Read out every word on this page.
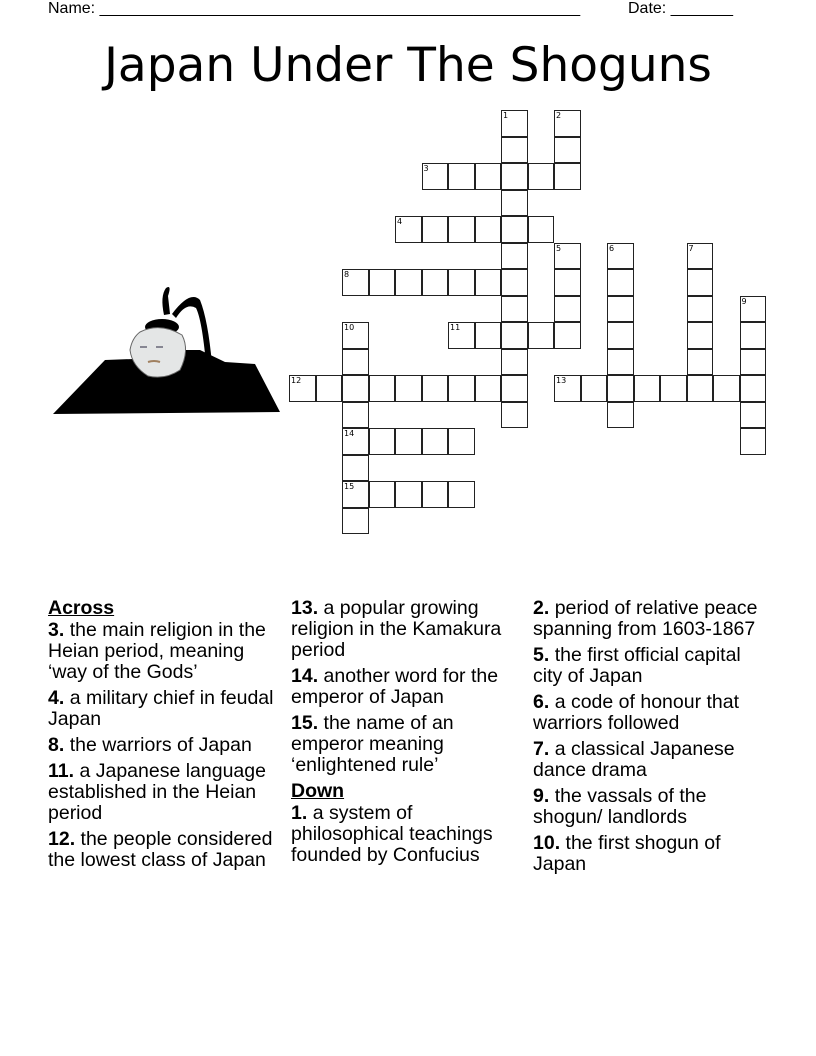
Name: ______________________________________________________	Date: _______
Japan Under The Shoguns
3
4
8
11
12	13
14
15
1	2
5	6	7
9
10
Across
3. the main religion in the Heian period, meaning ‘way of the Gods’
4. a military chief in feudal Japan
8. the warriors of Japan
11. a Japanese language established in the Heian period
12. the people considered the lowest class of Japan
13. a popular growing religion in the Kamakura period
14. another word for the emperor of Japan
15. the name of an emperor meaning ‘enlightened rule’
Down
1. a system of philosophical teachings founded by Confucius
2. period of relative peace spanning from 1603-1867
5. the first official capital city of Japan
6. a code of honour that warriors followed
7. a classical Japanese dance drama
9. the vassals of the shogun/ landlords
10. the first shogun of Japan
